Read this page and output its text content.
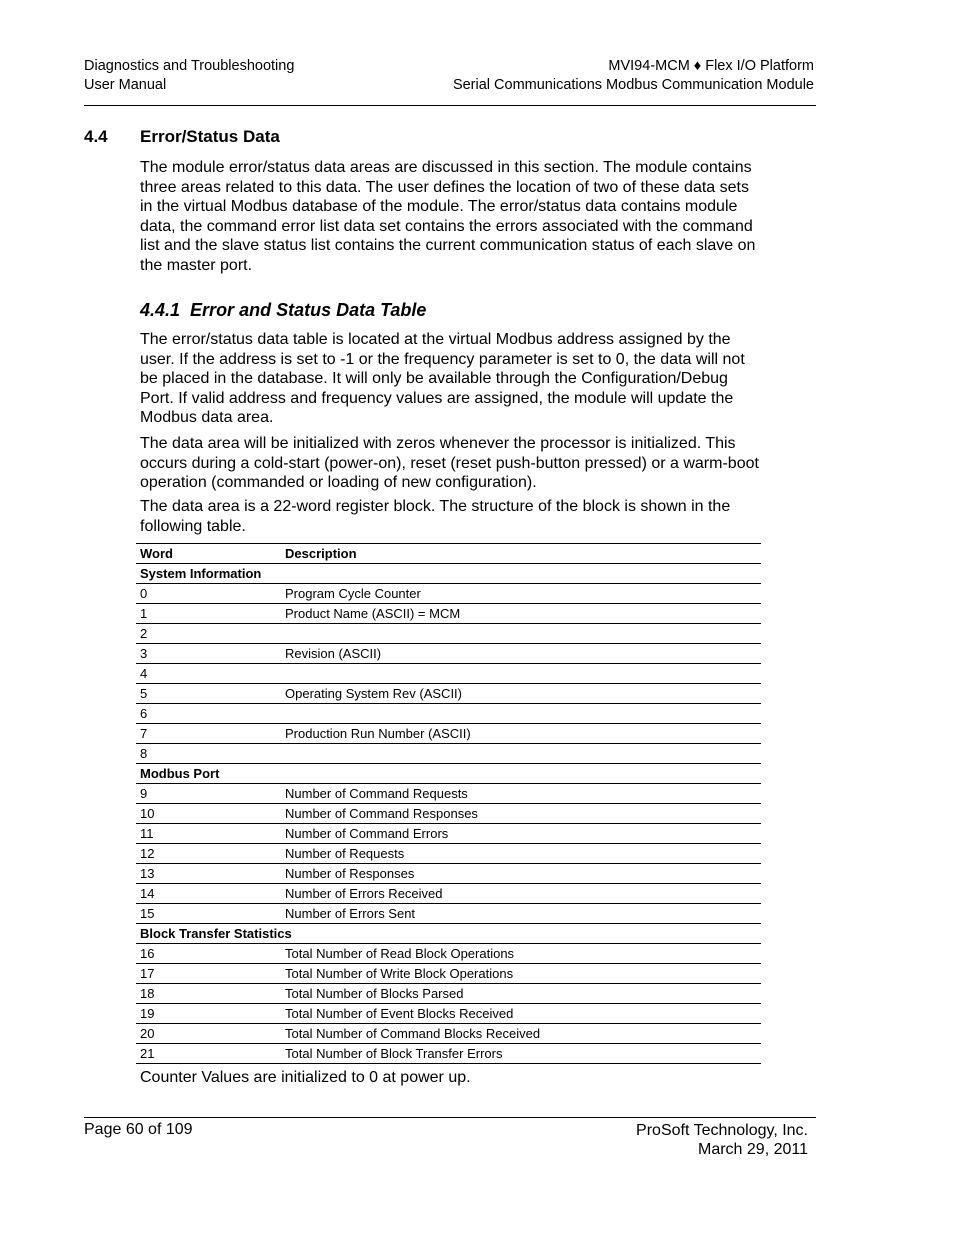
Diagnostics and Troubleshooting
User Manual
MVI94-MCM ♦ Flex I/O Platform
Serial Communications Modbus Communication Module
4.4 Error/Status Data

The module error/status data areas are discussed in this section. The module contains three areas related to this data. The user defines the location of two of these data sets in the virtual Modbus database of the module. The error/status data contains module data, the command error list data set contains the errors associated with the command list and the slave status list contains the current communication status of each slave on the master port.

4.4.1 Error and Status Data Table

The error/status data table is located at the virtual Modbus address assigned by the user. If the address is set to -1 or the frequency parameter is set to 0, the data will not be placed in the database. It will only be available through the Configuration/Debug Port. If valid address and frequency values are assigned, the module will update the Modbus data area.

The data area will be initialized with zeros whenever the processor is initialized. This occurs during a cold-start (power-on), reset (reset push-button pressed) or a warm-boot operation (commanded or loading of new configuration).

The data area is a 22-word register block. The structure of the block is shown in the following table.

Word	Description
System Information	
0	Program Cycle Counter
1	Product Name (ASCII) = MCM
2	
3	Revision (ASCII)
4	
5	Operating System Rev (ASCII)
6	
7	Production Run Number (ASCII)
8	
Modbus Port	
9	Number of Command Requests
10	Number of Command Responses
11	Number of Command Errors
12	Number of Requests
13	Number of Responses
14	Number of Errors Received
15	Number of Errors Sent
Block Transfer Statistics	
16	Total Number of Read Block Operations
17	Total Number of Write Block Operations
18	Total Number of Blocks Parsed
19	Total Number of Event Blocks Received
20	Total Number of Command Blocks Received
21	Total Number of Block Transfer Errors
Counter Values are initialized to 0 at power up.
Page 60 of 109	ProSoft Technology, Inc.
March 29, 2011
